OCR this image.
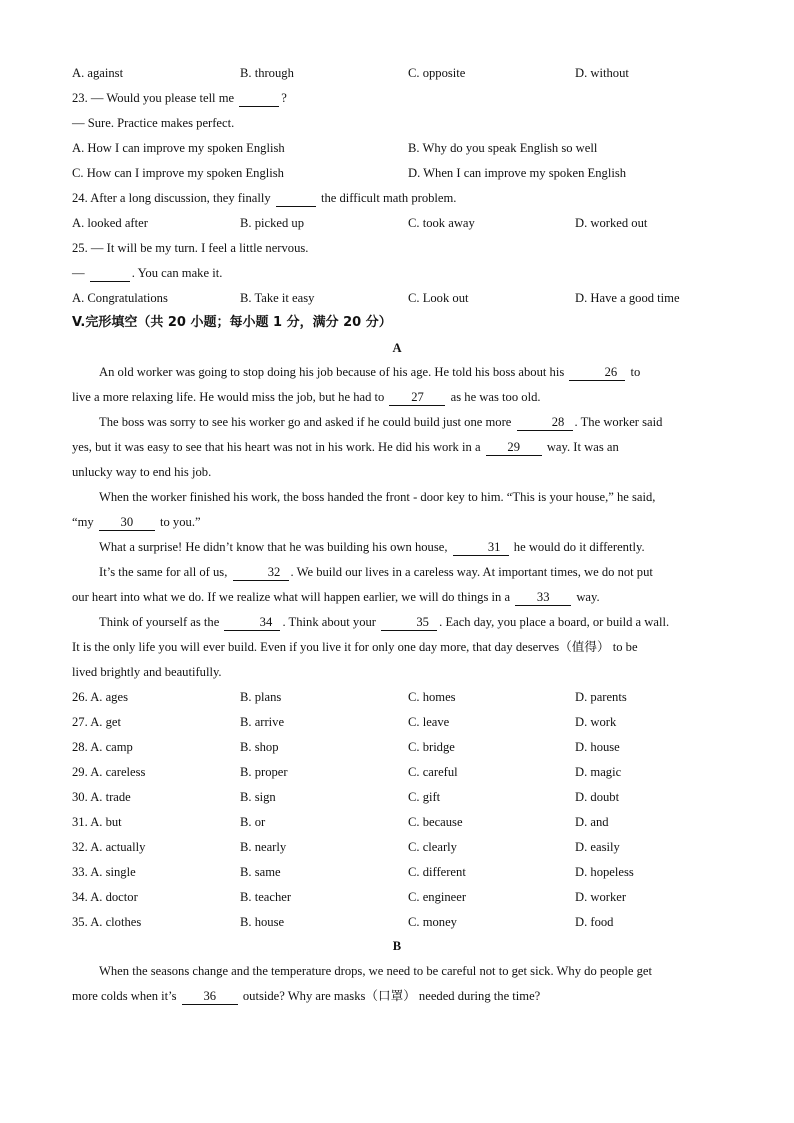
A. against	B. through	C. opposite	D. without
23. — Would you please tell me	?
— Sure. Practice makes perfect.
A. How I can improve my spoken English	B. Why do you speak English so well
C. How can I improve my spoken English	D. When I can improve my spoken English
24. After a long discussion, they finally	the difficult math problem.
A. looked after	B. picked up	C. took away	D. worked out
25. — It will be my turn. I feel a little nervous.
—	. You can make it.
A. Congratulations	B. Take it easy	C. Look out	D. Have a good time
V.完形填空（共 20 小题；每小题 1 分，满分 20 分）
A
An old worker was going to stop doing his job because of his age. He told his boss about his	26 to
live a more relaxing life. He would miss the job, but he had to 27 as he was too old.
The boss was sorry to see his worker go and asked if he could build just one more	28 . The worker said
yes, but it was easy to see that his heart was not in his work. He did his work in a 29 way. It was an
unlucky way to end his job.
When the worker finished his work, the boss handed the front - door key to him. “This is your house,” he said,
“my 30 to you.”
What a surprise! He didn’t know that he was building his own house,	31 he would do it differently.
It’s the same for all of us,	32 . We build our lives in a careless way. At important times, we do not put
our heart into what we do. If we realize what will happen earlier, we will do things in a 33 way.
Think of yourself as the	34 . Think about your	35 . Each day, you place a board, or build a wall.
It is the only life you will ever build. Even if you live it for only one day more, that day deserves（值得） to be
lived brightly and beautifully.
26. A. ages	B. plans	C. homes	D. parents
27. A. get	B. arrive	C. leave	D. work
28. A. camp	B. shop	C. bridge	D. house
29. A. careless	B. proper	C. careful	D. magic
30. A. trade	B. sign	C. gift	D. doubt
31. A. but	B. or	C. because	D. and
32. A. actually	B. nearly	C. clearly	D. easily
33. A. single	B. same	C. different	D. hopeless
34. A. doctor	B. teacher	C. engineer	D. worker
35. A. clothes	B. house	C. money	D. food
B
When the seasons change and the temperature drops, we need to be careful not to get sick. Why do people get
more colds when it’s 36 outside? Why are masks（口罩） needed during the time?
